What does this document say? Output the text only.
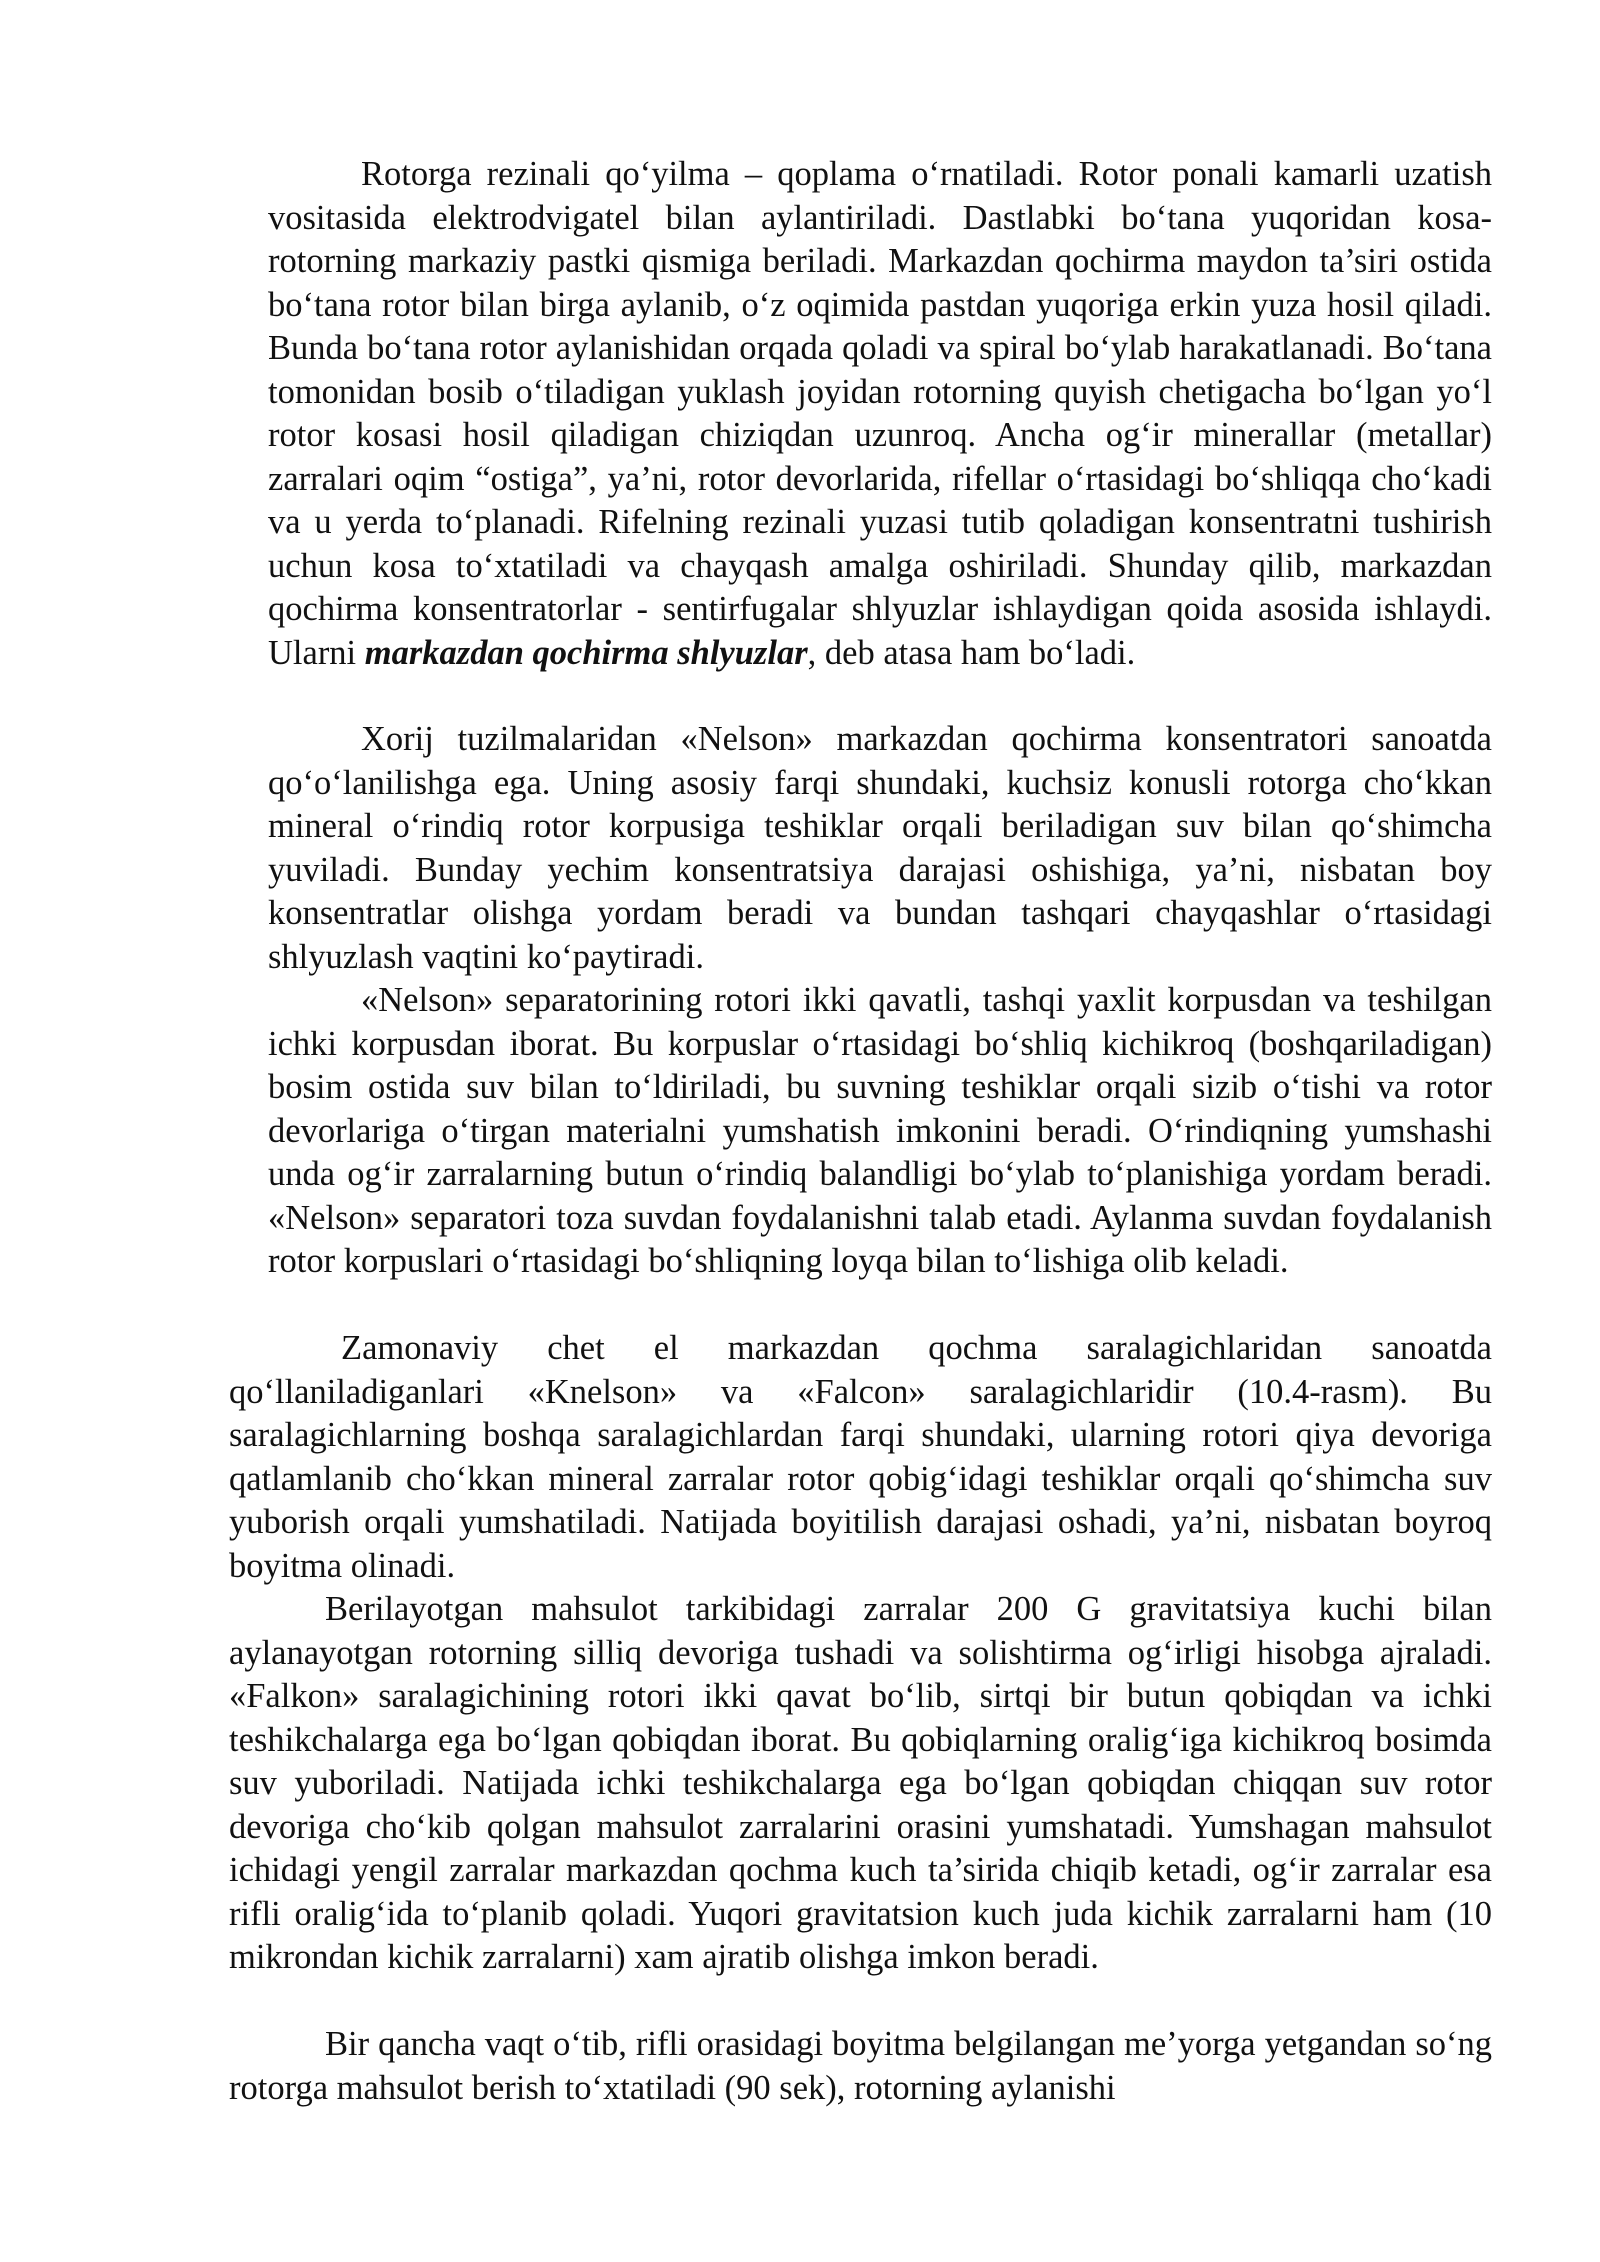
Rotorga rezinali qo‘yilma – qoplama o‘rnatiladi. Rotor ponali kamarli uzatish vositasida elektrodvigatel bilan aylantiriladi. Dastlabki bo‘tana yuqoridan kosa-rotorning markaziy pastki qismiga beriladi. Markazdan qochirma maydon ta’siri ostida bo‘tana rotor bilan birga aylanib, o‘z oqimida pastdan yuqoriga erkin yuza hosil qiladi. Bunda bo‘tana rotor aylanishidan orqada qoladi va spiral bo‘ylab harakatlanadi. Bo‘tana tomonidan bosib o‘tiladigan yuklash joyidan rotorning quyish chetigacha bo‘lgan yo‘l rotor kosasi hosil qiladigan chiziqdan uzunroq. Ancha og‘ir minerallar (metallar) zarralari oqim “ostiga”, ya’ni, rotor devorlarida, rifellar o‘rtasidagi bo‘shliqqa cho‘kadi va u yerda to‘planadi. Rifelning rezinali yuzasi tutib qoladigan konsentratni tushirish uchun kosa to‘xtatiladi va chayqash amalga oshiriladi. Shunday qilib, markazdan qochirma konsentratorlar - sentirfugalar shlyuzlar ishlaydigan qoida asosida ishlaydi. Ularni markazdan qochirma shlyuzlar, deb atasa ham bo‘ladi.

Xorij tuzilmalaridan «Nelson» markazdan qochirma konsentratori sanoatda qo‘o‘lanilishga ega. Uning asosiy farqi shundaki, kuchsiz konusli rotorga cho‘kkan mineral o‘rindiq rotor korpusiga teshiklar orqali beriladigan suv bilan qo‘shimcha yuviladi. Bunday yechim konsentratsiya darajasi oshishiga, ya’ni, nisbatan boy konsentratlar olishga yordam beradi va bundan tashqari chayqashlar o‘rtasidagi shlyuzlash vaqtini ko‘paytiradi.

«Nelson» separatorining rotori ikki qavatli, tashqi yaxlit korpusdan va teshilgan ichki korpusdan iborat. Bu korpuslar o‘rtasidagi bo‘shliq kichikroq (boshqariladigan) bosim ostida suv bilan to‘ldiriladi, bu suvning teshiklar orqali sizib o‘tishi va rotor devorlariga o‘tirgan materialni yumshatish imkonini beradi. O‘rindiqning yumshashi unda og‘ir zarralarning butun o‘rindiq balandligi bo‘ylab to‘planishiga yordam beradi. «Nelson» separatori toza suvdan foydalanishni talab etadi. Aylanma suvdan foydalanish rotor korpuslari o‘rtasidagi bo‘shliqning loyqa bilan to‘lishiga olib keladi.

Zamonaviy chet el markazdan qochma saralagichlaridan sanoatda qo‘llaniladiganlari «Knelson» va «Falcon» saralagichlaridir (10.4-rasm). Bu saralagichlarning boshqa saralagichlardan farqi shundaki, ularning rotori qiya devoriga qatlamlanib cho‘kkan mineral zarralar rotor qobig‘idagi teshiklar orqali qo‘shimcha suv yuborish orqali yumshatiladi. Natijada boyitilish darajasi oshadi, ya’ni, nisbatan boyroq boyitma olinadi.

Berilayotgan mahsulot tarkibidagi zarralar 200 G gravitatsiya kuchi bilan aylanayotgan rotorning silliq devoriga tushadi va solishtirma og‘irligi hisobga ajraladi. «Falkon» saralagichining rotori ikki qavat bo‘lib, sirtqi bir butun qobiqdan va ichki teshikchalarga ega bo‘lgan qobiqdan iborat. Bu qobiqlarning oralig‘iga kichikroq bosimda suv yuboriladi. Natijada ichki teshikchalarga ega bo‘lgan qobiqdan chiqqan suv rotor devoriga cho‘kib qolgan mahsulot zarralarini orasini yumshatadi. Yumshagan mahsulot ichidagi yengil zarralar markazdan qochma kuch ta’sirida chiqib ketadi, og‘ir zarralar esa rifli oralig‘ida to‘planib qoladi. Yuqori gravitatsion kuch juda kichik zarralarni ham (10 mikrondan kichik zarralarni) xam ajratib olishga imkon beradi.

Bir qancha vaqt o‘tib, rifli orasidagi boyitma belgilangan me’yorga yetgandan so‘ng rotorga mahsulot berish to‘xtatiladi (90 sek), rotorning aylanishi
